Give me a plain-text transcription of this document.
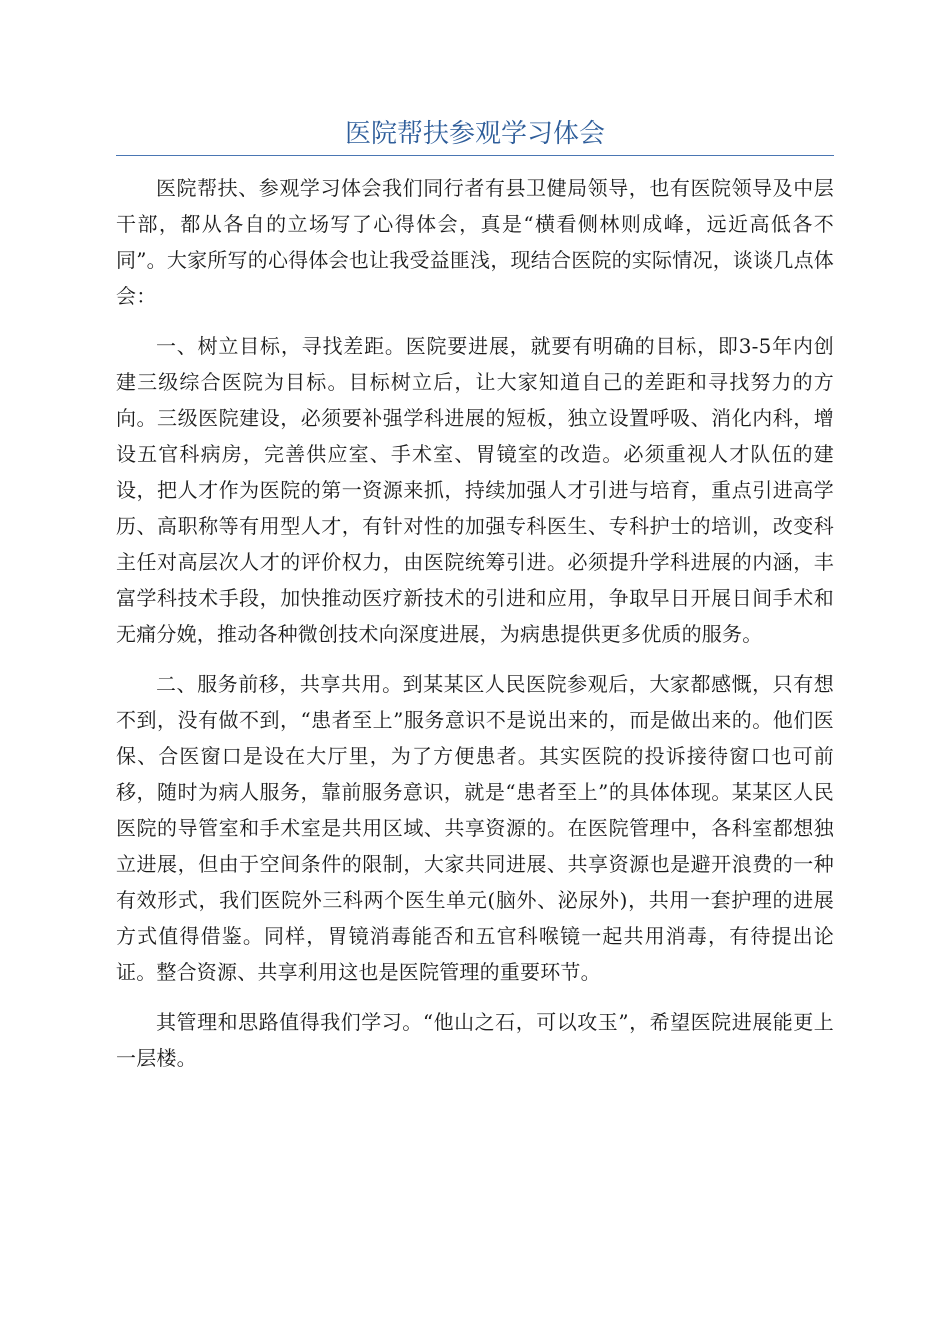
医院帮扶参观学习体会

医院帮扶、参观学习体会我们同行者有县卫健局领导，也有医院领导及中层干部，都从各自的立场写了心得体会，真是“横看侧林则成峰，远近高低各不同”。大家所写的心得体会也让我受益匪浅，现结合医院的实际情况，谈谈几点体会：

一、树立目标，寻找差距。医院要进展，就要有明确的目标，即3-5年内创建三级综合医院为目标。目标树立后，让大家知道自己的差距和寻找努力的方向。三级医院建设，必须要补强学科进展的短板，独立设置呼吸、消化内科，增设五官科病房，完善供应室、手术室、胃镜室的改造。必须重视人才队伍的建设，把人才作为医院的第一资源来抓，持续加强人才引进与培育，重点引进高学历、高职称等有用型人才，有针对性的加强专科医生、专科护士的培训，改变科主任对高层次人才的评价权力，由医院统筹引进。必须提升学科进展的内涵，丰富学科技术手段，加快推动医疗新技术的引进和应用，争取早日开展日间手术和无痛分娩，推动各种微创技术向深度进展，为病患提供更多优质的服务。

二、服务前移，共享共用。到某某区人民医院参观后，大家都感慨，只有想不到，没有做不到，“患者至上”服务意识不是说出来的，而是做出来的。他们医保、合医窗口是设在大厅里，为了方便患者。其实医院的投诉接待窗口也可前移，随时为病人服务，靠前服务意识，就是“患者至上”的具体体现。某某区人民医院的导管室和手术室是共用区域、共享资源的。在医院管理中，各科室都想独立进展，但由于空间条件的限制，大家共同进展、共享资源也是避开浪费的一种有效形式，我们医院外三科两个医生单元(脑外、泌尿外)，共用一套护理的进展方式值得借鉴。同样，胃镜消毒能否和五官科喉镜一起共用消毒，有待提出论证。整合资源、共享利用这也是医院管理的重要环节。

其管理和思路值得我们学习。“他山之石，可以攻玉”，希望医院进展能更上一层楼。
